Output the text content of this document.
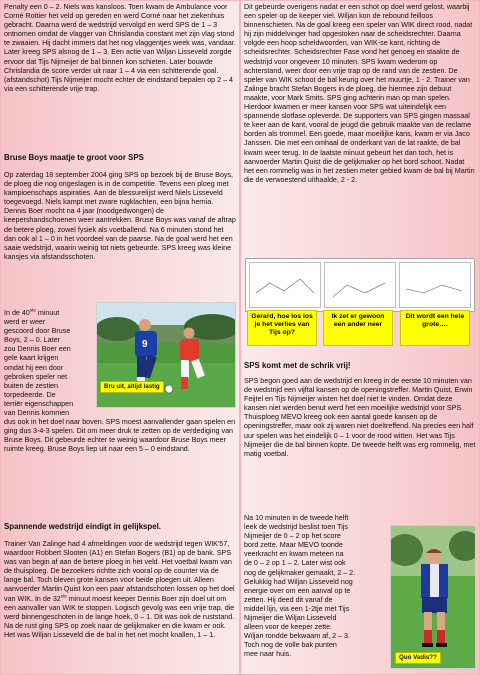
Penalty een 0 – 2. Niels was kansloos. Toen kwam de Ambulance voor Corné Rottier het veld op gereden en werd Corné naar het ziekenhuis gebracht. Daarna werd de wedstrijd vervolgd en werd SPS de 1 – 3 ontnomen omdat de vlagger van Chrislandia constant met zijn vlag stond te zwaaien. Hij dacht immers dat het nog vlaggentjes week was, vandaar. Later kreeg SPS alsnog de 1 – 3. Een actie van Wiljan Lisseveld zorgde ervoor dat Tijs Nijmeijer de bal binnen kon schieten. Later bouwde Chrislandia de score verder uit naar 1 – 4 via een schitterende goal. (afstandschot) Tijs Nijmeijer mocht echter de eindstand bepalen op 2 – 4 via een schitterende vrije trap.

Bruse Boys maatje te groot voor SPS

Op zaterdag 18 september 2004 ging SPS op bezoek bij de Bruse Boys, de ploeg die nog ongeslagen is in de competitie. Tevens een ploeg met kampioenschaps aspiraties. Aan de blessurelijst werd Niels Lisseveld toegevoegd. Niels kampt met zware rugklachten, een bijna hernia. Dennis Boer mocht na 4 jaar (noodgedwongen) de keepershandschoenen weer aantrekken. Bruse Boys was vanaf de aftrap de betere ploeg, zowel fysiek als voetballend. Na 6 minuten stond het dan ook al 1 – 0 in het voordeel van de paarse. Na de goal werd het een saaie wedstrijd, waarin weinig tot niets gebeurde. SPS kreeg was kleine kansjes via afstandsschoten.

In de 40ste minuut
werd er weer
gescoord door Bruse
Boys, 2 – 0. Later
zou Dennis Boer een
gele kaart krijgen
omdat hij een door
gebroken speler net
buiten de zestien
torpedeerde. De
terriër eigenschappen
van Dennis kommen

dus ook in het doel naar boven. SPS moest aanvallender gaan spelen en ging dus 3-4-3 spelen. Dit om meer druk te zetten op de verdediging van Bruse Boys. Dit gebeurde echter te weinig waardoor Bruse Boys meer ruimte kreeg. Bruse Boys liep uit naar een 5 – 0 eindstand.

9
Bru uit, altijd lastig

Spannende wedstrijd eindigt in gelijkspel.

Trainer Van Zalinge had 4 afmeldingen voor de wedstrijd tegen WIK'57, waardoor Robbert Slooten (A1) en Stefan Bogers (B1) op de bank. SPS was van begin af aan de betere ploeg in het veld. Het voetbal kwam van de thuisploeg. De bezoekers richtte zich vooral op de counter via de lange bal. Toch bleven grote kansen voor beide ploegen uit. Alleen aanvoerder Martin Quist kon een paar afstandschoten lossen op het doel van WIK. In de 32ste minuut moest keeper Dennis Boer zijn doel uit om een aanvaller van WIK te stoppen. Logisch gevolg was een vrije trap, die werd binnengeschoten in de lange hoek, 0 – 1. Dit was ook de ruststand. Na de rust ging SPS op zoek naar de gelijkmaker en die kwam er ook. Het was Wiljan Lisseveld die de bal in het net mocht knallen, 1 – 1.

Dit gebeurde overigens nadat er een schot op doel werd gelost, waarbij een speler op de keeper viel. Wiljan kon de rebound feilloos binnenschieten. Na de goal kreeg een speler van WIK direct rood, nadat hij zijn middelvinger had opgestoken naar de scheidsrechter. Daarna volgde een hoop scheldwoorden, van WIK-se kant, richting de scheidsrechter. Scheidsrechter Fase vond het genoeg en staakte de wedstrijd voor ongeveer 10 minuten. SPS kwam wederom op achterstand, weer door een vrije trap op de rand van de zestien. De speler van WIK schoot de bal keurig over het muurtje, 1 - 2. Trainer van Zalinge bracht Stefan Bogers in de ploeg, die hiermee zijn debuut maakte, voor Mark Smits. SPS ging achterin man op man spelen. Hierdoor kwamen er meer kansen voor SPS wat uiteindelijk een spannende slotfase opleverde. De supporters van SPS gingen massaal te keer aan de kant, vooral de jeugd die gebruik maakte van de reclame borden als trommel. Een goede, maar moeilijke kans, kwam er via Jaco Janssen. Die met een omhaal de onderkant van de lat raakte, de bal kwam weer terug. In de laatste minuut gebeurt het dan toch, het is aanvoerder Martin Quist die de gelijkmaker op het bord schoot. Nadat het een rommelig was in het zestien meter gebied kwam de bal bij Martin die de verwoestend uithaalde, 2 - 2.

Gerard, hoe los los je het verlies van Tijs op?
Ik zet er gewoon een ander neer
Dit wordt een hele grote….

SPS komt met de schrik vrij!

SPS begon goed aan de wedstrijd en kreeg in de eerste 10 minuten van de wedstrijd een vijftal kansen op de openingstreffer. Martin Quist, Erwin Feijtel en Tijs Nijmeijer wisten het doel niet te vinden. Omdat deze kansen niet werden benut werd het een moeilijke wedstrijd voor SPS. Thuisploeg MEVO kreeg ook een aantal goede kansen op de openingstreffer, maar ook zij waren niet doeltreffend. Na precies een half uur spelen was het eindelijk 0 – 1 voor de rood witten. Het was Tijs Nijmeijer die de bal binnen kopte. De tweede helft was erg rommelig, met matig voetbal.

Na 10 minuten in de tweede helft
leek de wedstrijd beslist toen Tijs
Nijmeijer de 0 – 2 op het score
bord zette. Maar MEVO toonde
veerkracht en kwam meteen na
de 0 – 2 op 1 – 2. Later wist ook
nog de gelijkmaker gemaakt, 2 – 2.
Gelukkig had Wiljan Lisseveld nog
energie over om een aanval op te
zetten. Hij deed dit vanaf de
middel lijn, via een 1-2tje met Tijs
Nijmeijer die Wiljan Lisseveld
alleen voor de keeper zette.
Wiljan rondde bekwaam af, 2 – 3.
Toch nog de volle bak punten
mee naar huis.	Quo Vadis??
